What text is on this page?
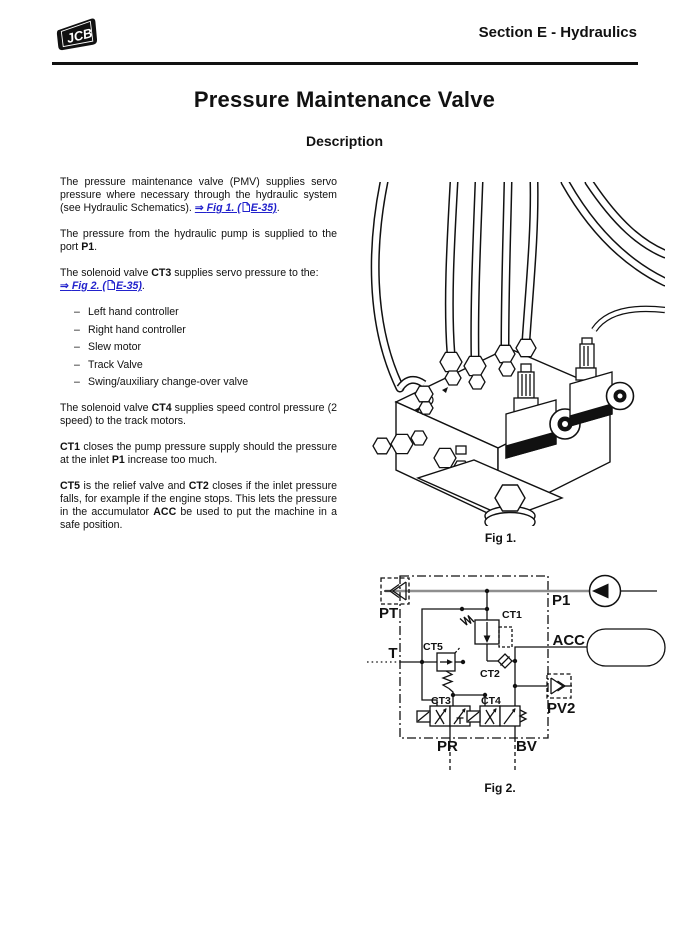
JCB	Section E - Hydraulics
Pressure Maintenance Valve
Description

The pressure maintenance valve (PMV) supplies servo pressure where necessary through the hydraulic system (see Hydraulic Schematics). ⇒ Fig 1. ( E-35).

The pressure from the hydraulic pump is supplied to the port P1.

The solenoid valve CT3 supplies servo pressure to the:
⇒ Fig 2. ( E-35).

– Left hand controller
– Right hand controller
– Slew motor
– Track Valve
– Swing/auxiliary change-over valve

The solenoid valve CT4 supplies speed control pressure (2 speed) to the track motors.

CT1 closes the pump pressure supply should the pressure at the inlet P1 increase too much.

CT5 is the relief valve and CT2 closes if the inlet pressure falls, for example if the engine stops. This lets the pressure in the accumulator ACC be used to put the machine in a safe position.

Fig 1.
PT
P1
ACC
T
PV2
PR	BV
CT1
CT2
CT3	CT4
CT5
Fig 2.
